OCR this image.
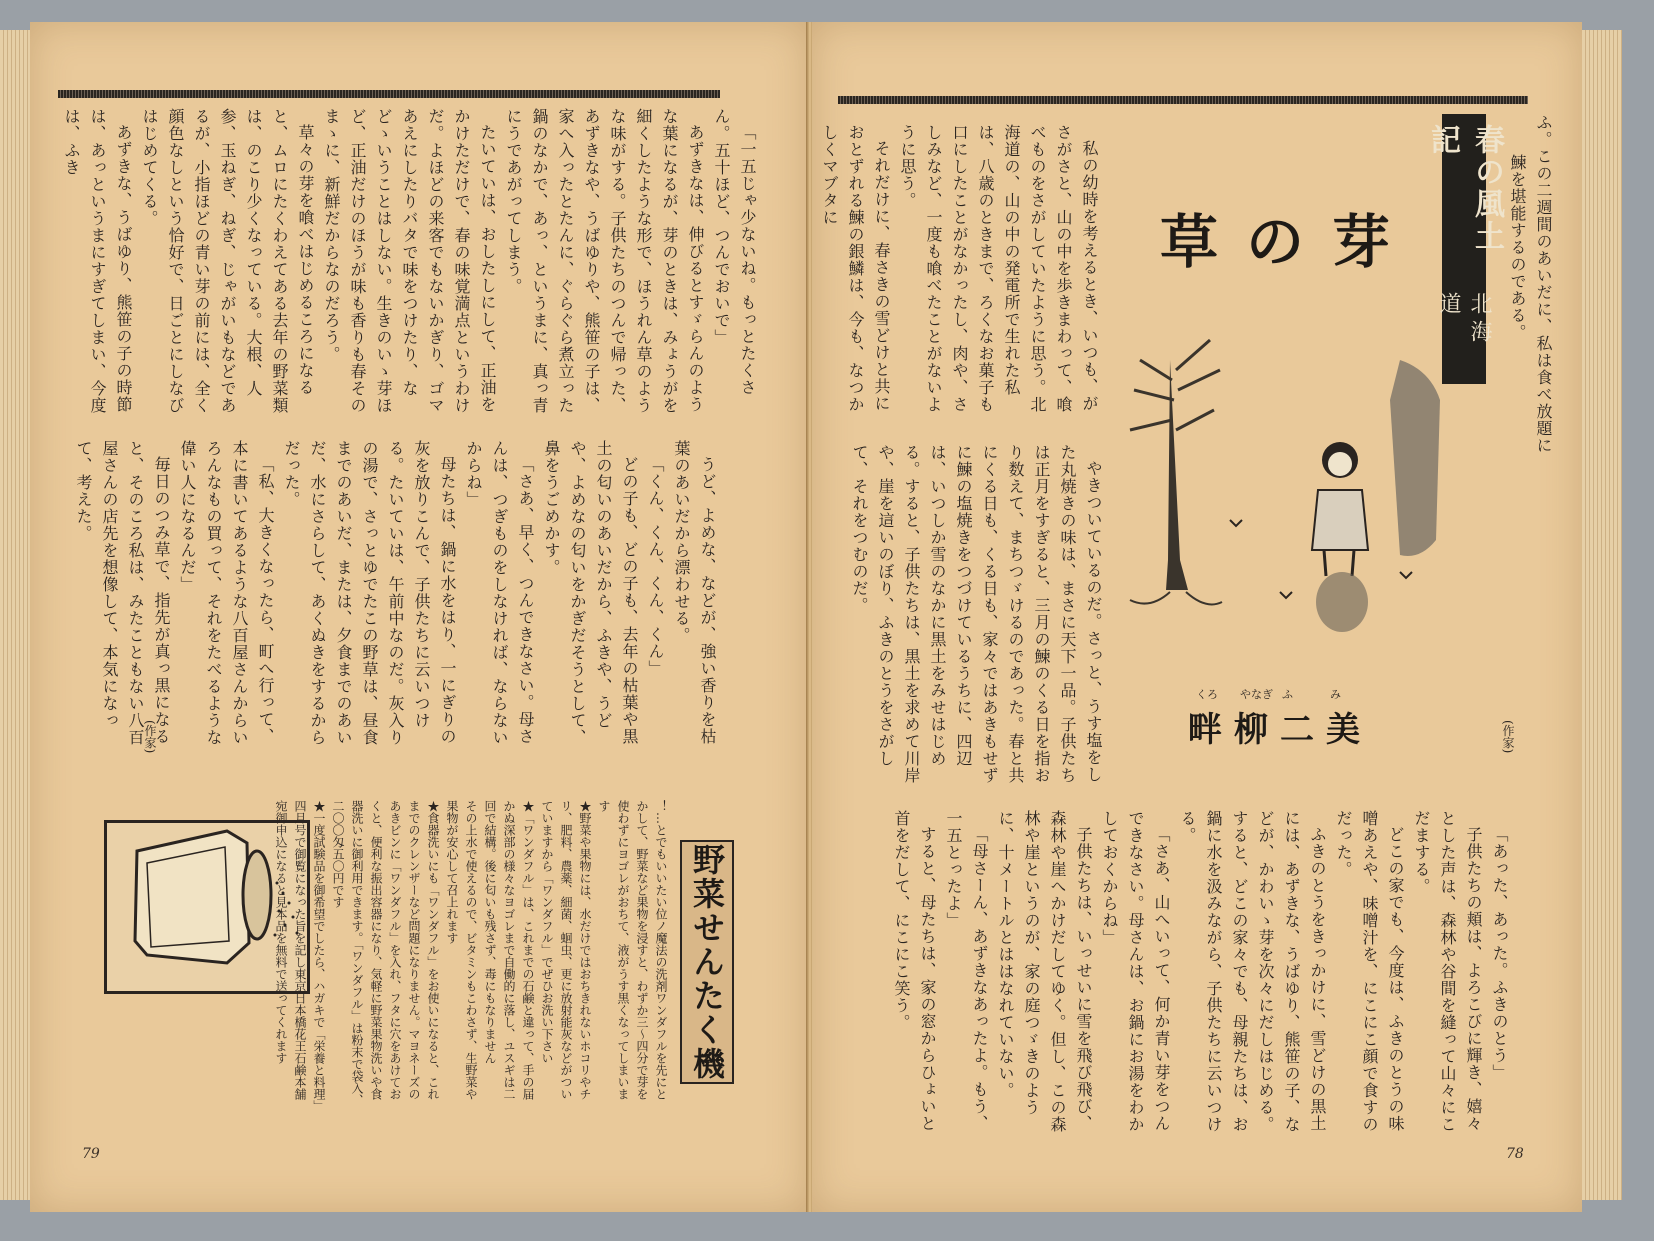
「一五じゃ少ないね。もっとたくさん。五十ほど、つんでおいで」

あずきなは、伸びるとすゞらんのような葉になるが、芽のときは、みょうがを細くしたような形で、ほうれん草のような味がする。子供たちのつんで帰った、あずきなや、うばゆりや、熊笹の子は、家へ入ったとたんに、ぐらぐら煮立った鍋のなかで、あっ、というまに、真っ青にうであがってしまう。

たいていは、おしたしにして、正油をかけただけで、春の味覚満点というわけだ。よほどの来客でもないかぎり、ゴマあえにしたりバタで味をつけたり、などゝいうことはしない。生きのいゝ芽ほど、正油だけのほうが味も香りも春そのまゝに、新鮮だからなのだろう。

草々の芽を喰べはじめるころになると、ムロにたくわえてある去年の野菜類は、のこり少くなっている。大根、人参、玉ねぎ、ねぎ、じゃがいもなどであるが、小指ほどの青い芽の前には、全く顔色なしという恰好で、日ごとにしなびはじめてくる。

あずきな、うばゆり、熊笹の子の時節は、あっというまにすぎてしまい、今度は、ふき

うど、よめな、などが、強い香りを枯葉のあいだから漂わせる。

「くん、くん、くん、くん」

どの子も、どの子も、去年の枯葉や黒土の匂いのあいだから、ふきや、うどや、よめなの匂いをかぎだそうとして、鼻をうごめかす。

「さあ、早く、つんできなさい。母さんは、つぎものをしなければ、ならないからね」

母たちは、鍋に水をはり、一にぎりの灰を放りこんで、子供たちに云いつける。たいていは、午前中なのだ。灰入りの湯で、さっとゆでたこの野草は、昼食までのあいだ、または、夕食までのあいだ、水にさらして、あくぬきをするからだった。

「私、大きくなったら、町へ行って、本に書いてあるような八百屋さんからいろんなもの買って、それをたべるような偉い人になるんだ」

毎日のつみ草で、指先が真っ黒になると、そのころ私は、みたこともない八百屋さんの店先を想像して、本気になって、考えた。

(作家)
野菜せんたく機

！…とでもいいたい位ノ魔法の洗剤ワンダフルを先にとかして、野菜など果物を浸すと、わずか三〜四分で芽を使わずにヨゴレがおちて、液がうす黒くなってしまいます

★野菜や果物には、水だけではおちきれないホコリやチリ、肥料、農薬、細菌、蛔虫、更に放射能灰などがついていますから「ワンダフル」でぜひお洗い下さい

★「ワンダフル」は、これまでの石鹸と違って、手の届かぬ深部の様々なヨゴレまで自働的に落し、ユスギは二回で結構。後に匂いも残さず、毒にもなりません

その上水で使えるので、ビタミンもこわさず、生野菜や果物が安心して召上れます

★食器洗いにも「ワンダフル」をお使いになると、これまでのクレンザーなど問題になりません。マヨネーズのあきビンに「ワンダフル」を入れ、フタに穴をあけておくと、便利な振出容器になり、気軽に野菜果物洗いや食器洗いに御利用できます。「ワンダフル」は粉末で袋入、二〇〇匁五〇円です

★一度試験品を御希望でしたら、ハガキで「栄養と料理」四月号で御覧になった旨を記し東京日本橋花王石鹸本舗宛御申込になると見本品を無料で送ってくれます

79

ふ。この二週間のあいだに、私は食べ放題に

鰊を堪能するのである。

(作家)
春の風土記
北海道
草の芽
くろ やなぎ ふ	み
畔柳二美

私の幼時を考えるとき、いつも、がさがさと、山の中を歩きまわって、喰べものをさがしていたように思う。北海道の、山の中の発電所で生れた私は、八歳のときまで、ろくなお菓子も口にしたことがなかったし、肉や、さしみなど、一度も喰べたことがないように思う。

それだけに、春さきの雪どけと共におとずれる鰊の銀鱗は、今も、なつかしくマブタに

やきついているのだ。さっと、うす塩をした丸焼きの味は、まさに天下一品。子供たちは正月をすぎると、三月の鰊のくる日を指おり数えて、まちつゞけるのであった。春と共にくる日も、くる日も、家々ではあきもせずに鰊の塩焼きをつづけているうちに、四辺は、いつしか雪のなかに黒土をみせはじめる。すると、子供たちは、黒土を求めて川岸や、崖を這いのぼり、ふきのとうをさがして、それをつむのだ。

「あった、あった。ふきのとう」

子供たちの頬は、よろこびに輝き、嬉々とした声は、森林や谷間を縫って山々にこだまする。

どこの家でも、今度は、ふきのとうの味噌あえや、味噌汁を、にこにこ顔で食すのだった。

ふきのとうをきっかけに、雪どけの黒土には、あずきな、うばゆり、熊笹の子、などが、かわいゝ芽を次々にだしはじめる。すると、どこの家々でも、母親たちは、お鍋に水を汲みながら、子供たちに云いつける。

「さあ、山へいって、何か青い芽をつんできなさい。母さんは、お鍋にお湯をわかしておくからね」

子供たちは、いっせいに雪を飛び飛び、森林や崖へかけだしてゆく。但し、この森林や崖というのが、家の庭つゞきのように、十メートルとははなれていない。

「母さーん、あずきなあったよ。もう、一五とったよ」

すると、母たちは、家の窓からひょいと首をだして、にこにこ笑う。

78
